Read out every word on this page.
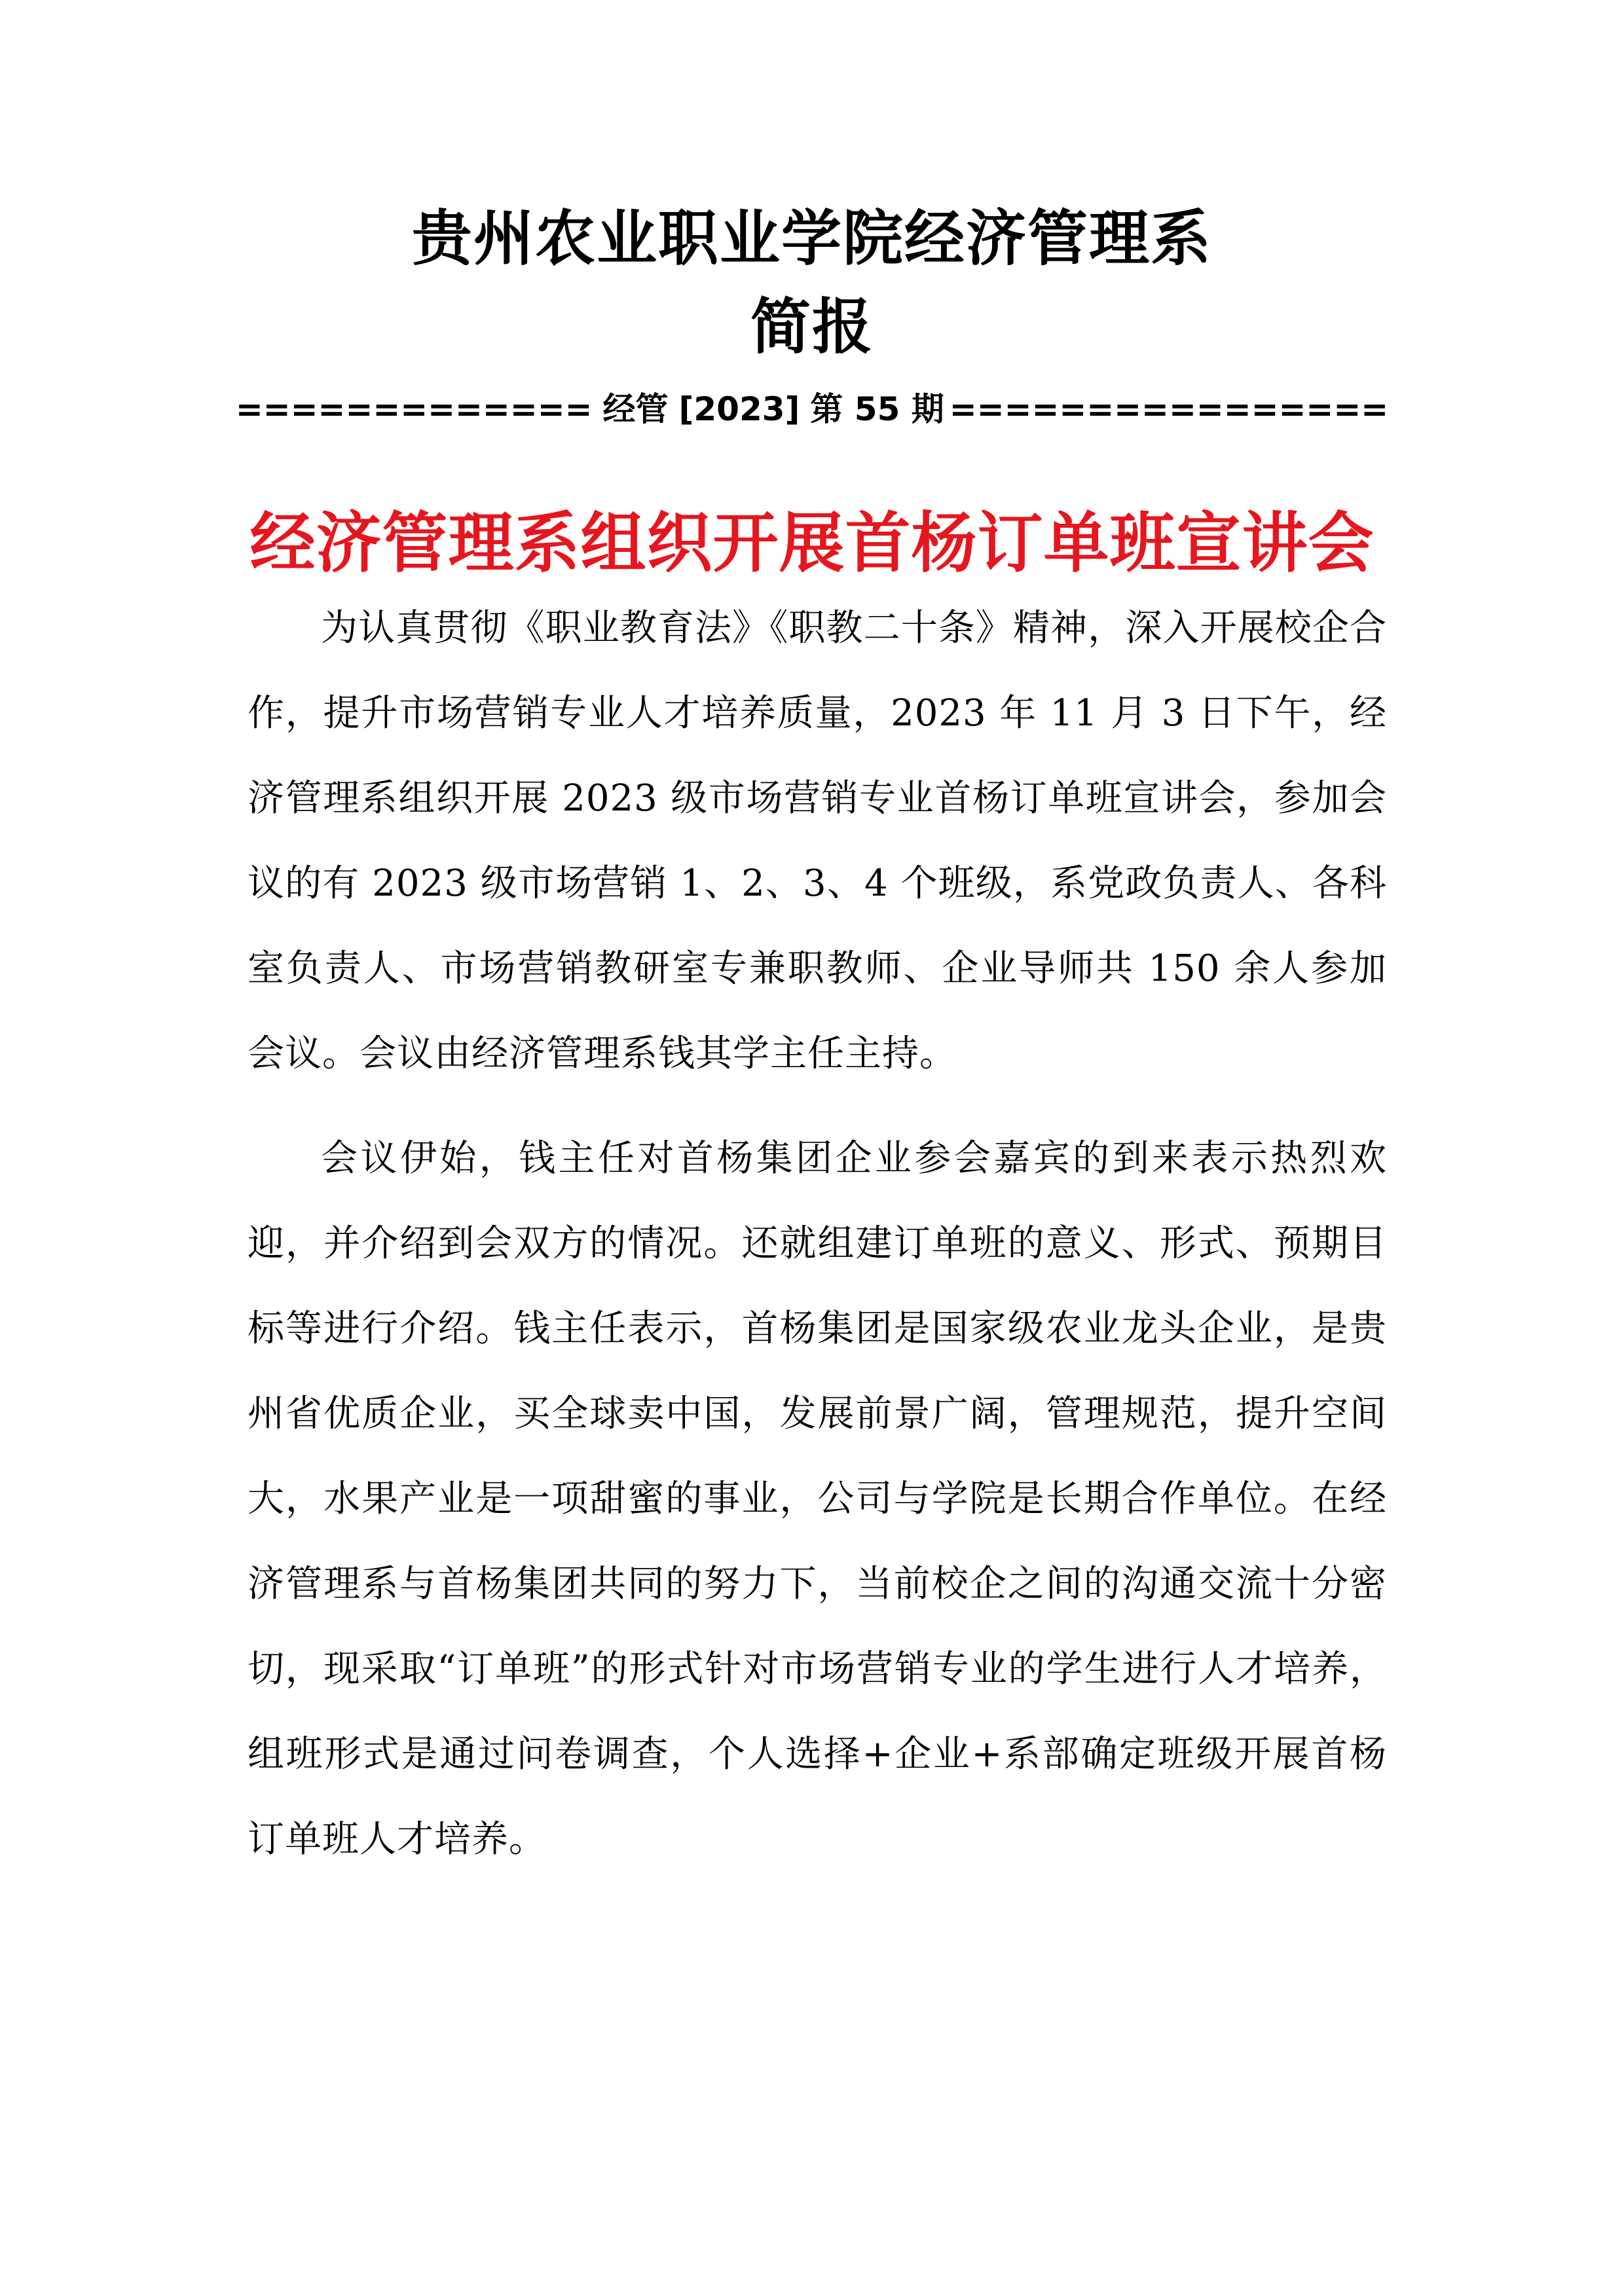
贵州农业职业学院经济管理系
简报
============= 经管 [2023] 第 55 期 ================
经济管理系组织开展首杨订单班宣讲会

为认真贯彻《职业教育法》《职教二十条》精神，深入开展校企合作，提升市场营销专业人才培养质量，2023 年 11 月 3 日下午，经济管理系组织开展 2023 级市场营销专业首杨订单班宣讲会，参加会议的有 2023 级市场营销 1、2、3、4 个班级，系党政负责人、各科室负责人、市场营销教研室专兼职教师、企业导师共 150 余人参加会议。会议由经济管理系钱其学主任主持。

会议伊始，钱主任对首杨集团企业参会嘉宾的到来表示热烈欢迎，并介绍到会双方的情况。还就组建订单班的意义、形式、预期目标等进行介绍。钱主任表示，首杨集团是国家级农业龙头企业，是贵州省优质企业，买全球卖中国，发展前景广阔，管理规范，提升空间大，水果产业是一项甜蜜的事业，公司与学院是长期合作单位。在经济管理系与首杨集团共同的努力下，当前校企之间的沟通交流十分密切，现采取“订单班”的形式针对市场营销专业的学生进行人才培养，组班形式是通过问卷调查，个人选择+企业+系部确定班级开展首杨订单班人才培养。
